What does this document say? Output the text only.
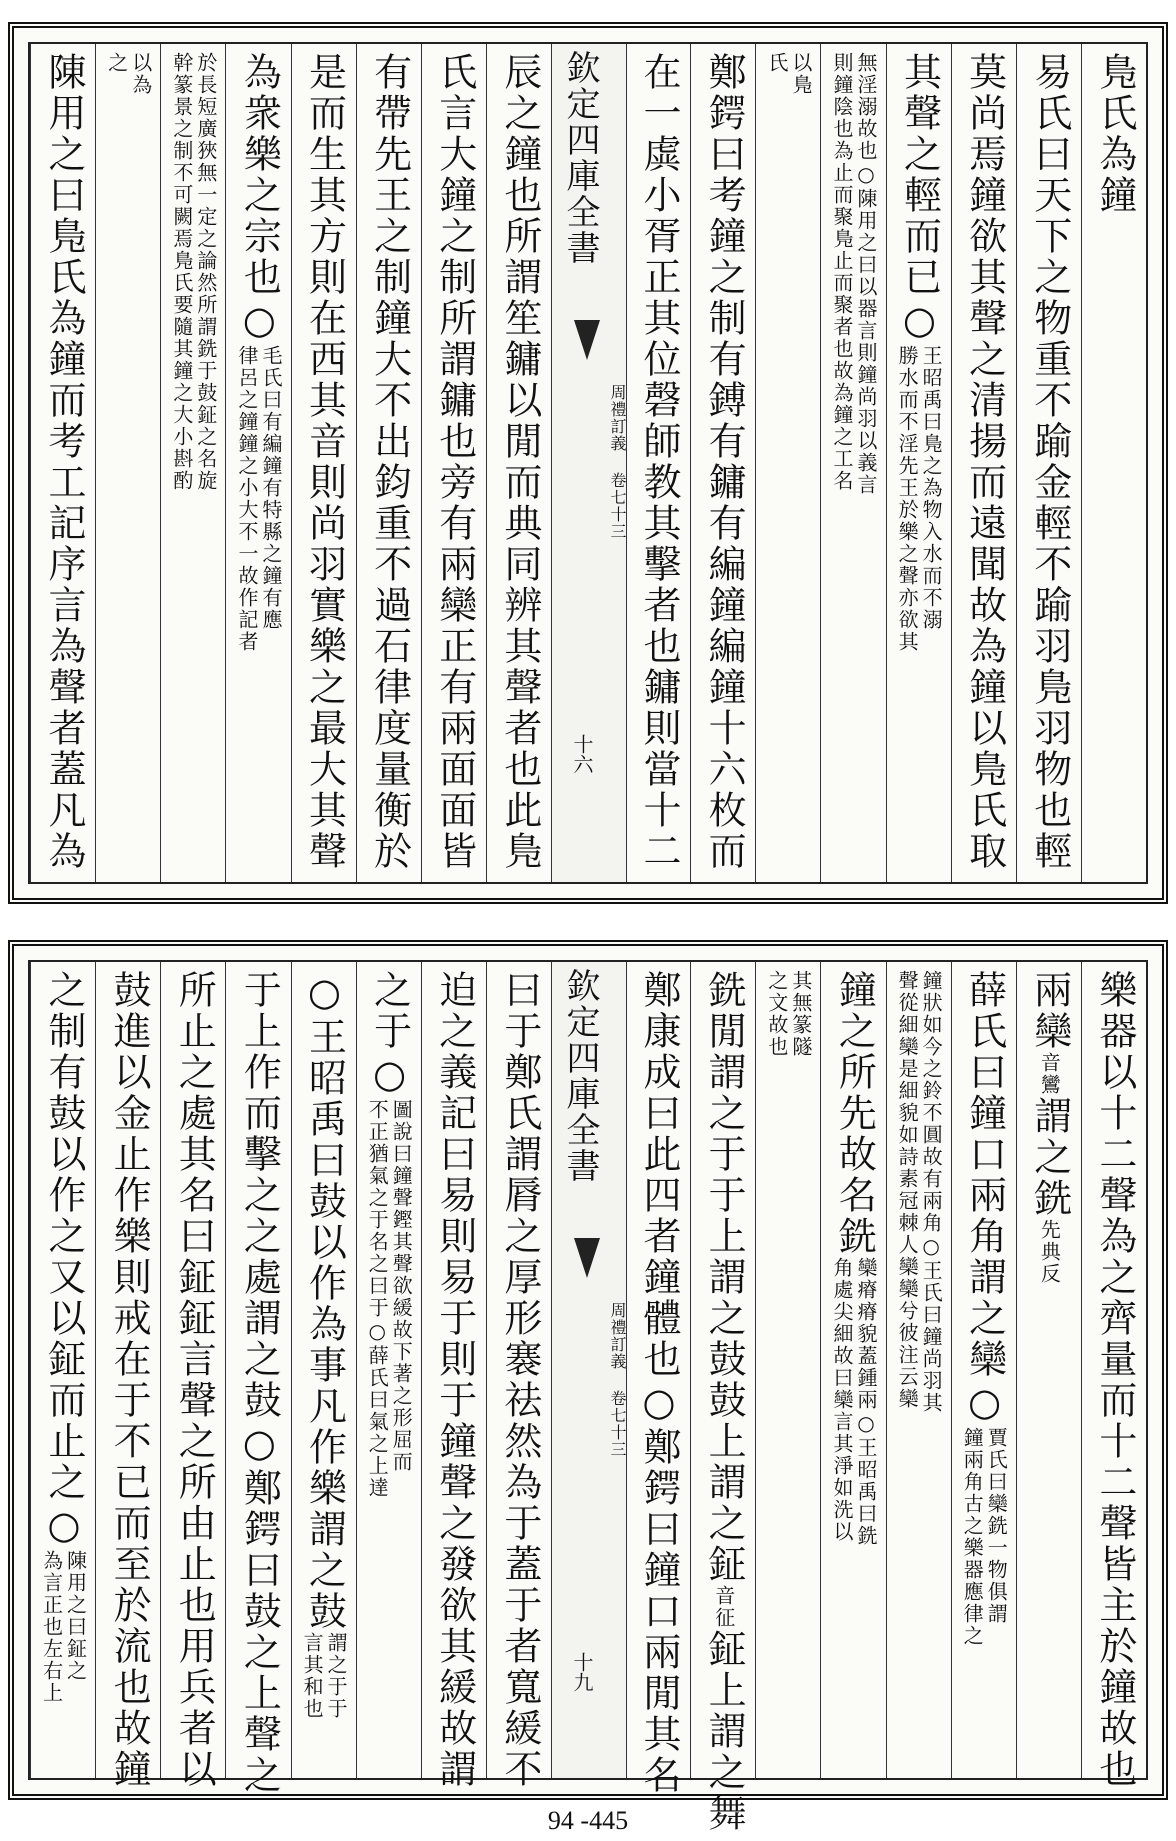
鳬氏為鐘
易氏曰天下之物重不踰金輕不踰羽鳬羽物也輕
莫尚焉鐘欲其聲之清揚而遠聞故為鐘以鳬氏取
其聲之輕而已○
王昭禹曰鳬之為物入水而不溺
勝水而不淫先王於樂之聲亦欲其
無淫溺故也○陳用之曰以器言則鐘尚羽以義言
則鐘陰也為止而聚鳬止而聚者也故為鐘之工名
以鳬
氏
鄭鍔曰考鐘之制有鎛有鏞有編鐘編鐘十六枚而
在一虡小胥正其位磬師教其擊者也鏞則當十二
欽定四庫全書
周禮訂義 卷七十三
十六
辰之鐘也所謂笙鏞以閒而典同辨其聲者也此鳬
氏言大鐘之制所謂鏞也旁有兩欒正有兩面面皆
有帶先王之制鐘大不出鈞重不過石律度量衡於
是而生其方則在西其音則尚羽實樂之最大其聲
為衆樂之宗也○
毛氏曰有編鐘有特縣之鐘有應
律呂之鐘鐘之小大不一故作記者
於長短廣狹無一定之論然所謂銑于鼓鉦之名旋
幹篆景之制不可闕焉鳬氏要隨其鐘之大小斟酌
以為
之
陳用之曰鳬氏為鐘而考工記序言為聲者蓋凡為
樂器以十二聲為之齊量而十二聲皆主於鐘故也
兩欒
音鸞
謂之銑
先典反
薛氏曰鐘口兩角謂之欒○
賈氏曰欒銑一物俱謂
鐘兩角古之樂器應律之
鐘狀如今之鈴不圓故有兩角○王氏曰鐘尚羽其
聲從細欒是細貌如詩素冠棘人欒欒兮彼注云欒
鐘之所先故名銑
欒瘠瘠貌蓋鍾兩
角處尖細故曰欒
○王昭禹曰銑
言其淨如洗以
其無篆隧
之文故也
銑閒謂之于于上謂之鼓鼓上謂之鉦
音征
鉦上謂之舞
鄭康成曰此四者鐘體也○鄭鍔曰鐘口兩閒其名
欽定四庫全書
周禮訂義 卷七十三
十九
曰于鄭氏謂脣之厚形褰祛然為于蓋于者寬緩不
迫之義記曰易則易于則于鐘聲之發欲其緩故謂
之于○
圖說曰鐘聲鏗其聲欲緩故下著之形屈而
不正猶氣之于名之曰于○薛氏曰氣之上達
○王昭禹曰鼓以作為事凡作樂謂之鼓
謂之于于
言其和也
于上作而擊之之處謂之鼓○鄭鍔曰鼓之上聲之
所止之處其名曰鉦鉦言聲之所由止也用兵者以
鼓進以金止作樂則戒在于不已而至於流也故鐘
之制有鼓以作之又以鉦而止之○
陳用之曰鉦之
為言正也左右上
94 -445
